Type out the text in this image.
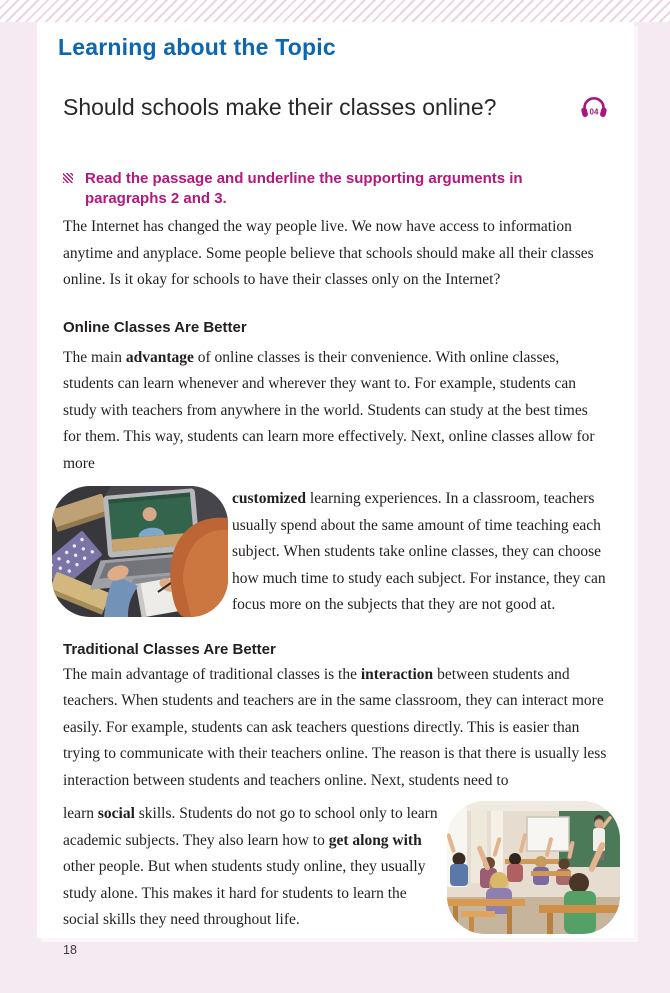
Learning about the Topic
Should schools make their classes online?	04
Read the passage and underline the supporting arguments in paragraphs 2 and 3.

The Internet has changed the way people live. We now have access to information anytime and anyplace. Some people believe that schools should make all their classes online. Is it okay for schools to have their classes only on the Internet?

Online Classes Are Better

The main advantage of online classes is their convenience. With online classes, students can learn whenever and wherever they want to. For example, students can study with teachers from anywhere in the world. Students can study at the best times for them. This way, students can learn more effectively. Next, online classes allow for more

customized learning experiences. In a classroom, teachers usually spend about the same amount of time teaching each subject. When students take online classes, they can choose how much time to study each subject. For instance, they can focus more on the subjects that they are not good at.

Traditional Classes Are Better

The main advantage of traditional classes is the interaction between students and teachers. When students and teachers are in the same classroom, they can interact more easily. For example, students can ask teachers questions directly. This is easier than trying to communicate with their teachers online. The reason is that there is usually less interaction between students and teachers online. Next, students need to

learn social skills. Students do not go to school only to learn academic subjects. They also learn how to get along with other people. But when students study online, they usually study alone. This makes it hard for students to learn the social skills they need throughout life.

18
